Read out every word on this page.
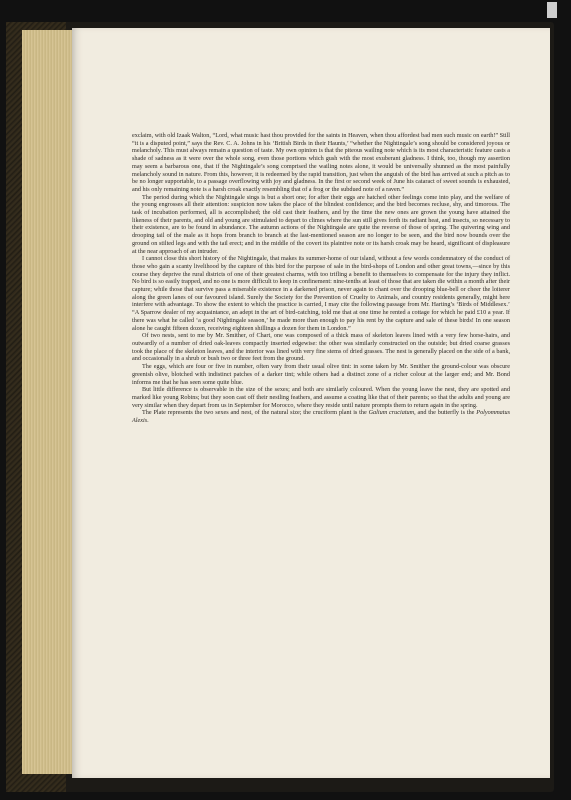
exclaim, with old Izaak Walton, “Lord, what music hast thou provided for the saints in Heaven, when thou affordest bad men such music on earth!” Still “it is a disputed point,” says the Rev. C. A. Johns in his ‘British Birds in their Haunts,’ “whether the Nightingale’s song should be considered joyous or melancholy. This must always remain a question of taste. My own opinion is that the piteous wailing note which is its most characteristic feature casts a shade of sadness as it were over the whole song, even those portions which gush with the most exuberant gladness. I think, too, though my assertion may seem a barbarous one, that if the Nightingale’s song comprised the wailing notes alone, it would be universally shunned as the most painfully melancholy sound in nature. From this, however, it is redeemed by the rapid transition, just when the anguish of the bird has arrived at such a pitch as to be no longer supportable, to a passage overflowing with joy and gladness. In the first or second week of June his cataract of sweet sounds is exhausted, and his only remaining note is a harsh croak exactly resembling that of a frog or the subdued note of a raven.”

The period during which the Nightingale sings is but a short one; for after their eggs are hatched other feelings come into play, and the welfare of the young engrosses all their attention: suspicion now takes the place of the blindest confidence; and the bird becomes recluse, shy, and timorous. The task of incubation performed, all is accomplished; the old cast their feathers, and by the time the new ones are grown the young have attained the likeness of their parents, and old and young are stimulated to depart to climes where the sun still gives forth its radiant heat, and insects, so necessary to their existence, are to be found in abundance. The autumn actions of the Nightingale are quite the reverse of those of spring. The quivering wing and drooping tail of the male as it hops from branch to branch at the last-mentioned season are no longer to be seen, and the bird now bounds over the ground on stilted legs and with the tail erect; and in the middle of the covert its plaintive note or its harsh croak may be heard, significant of displeasure at the near approach of an intruder.

I cannot close this short history of the Nightingale, that makes its summer-home of our island, without a few words condemnatory of the conduct of those who gain a scanty livelihood by the capture of this bird for the purpose of sale in the bird-shops of London and other great towns,—since by this course they deprive the rural districts of one of their greatest charms, with too trifling a benefit to themselves to compensate for the injury they inflict. No bird is so easily trapped, and no one is more difficult to keep in confinement: nine-tenths at least of those that are taken die within a month after their capture; while those that survive pass a miserable existence in a darkened prison, never again to chant over the drooping blue-bell or cheer the loiterer along the green lanes of our favoured island. Surely the Society for the Prevention of Cruelty to Animals, and country residents generally, might here interfere with advantage. To show the extent to which the practice is carried, I may cite the following passage from Mr. Harting’s ‘Birds of Middlesex.’ “A Sparrow dealer of my acquaintance, an adept in the art of bird-catching, told me that at one time he rented a cottage for which he paid £10 a year. If there was what he called ‘a good Nightingale season,’ he made more than enough to pay his rent by the capture and sale of these birds! In one season alone he caught fifteen dozen, receiving eighteen shillings a dozen for them in London.”

Of two nests, sent to me by Mr. Smither, of Chart, one was composed of a thick mass of skeleton leaves lined with a very few horse-hairs, and outwardly of a number of dried oak-leaves compactly inserted edgewise: the other was similarly constructed on the outside; but dried coarse grasses took the place of the skeleton leaves, and the interior was lined with very fine stems of dried grasses. The nest is generally placed on the side of a bank, and occasionally in a shrub or bush two or three feet from the ground.

The eggs, which are four or five in number, often vary from their usual olive tint: in some taken by Mr. Smither the ground-colour was obscure greenish olive, blotched with indistinct patches of a darker tint; while others had a distinct zone of a richer colour at the larger end; and Mr. Bond informs me that he has seen some quite blue.

But little difference is observable in the size of the sexes; and both are similarly coloured. When the young leave the nest, they are spotted and marked like young Robins; but they soon cast off their nestling feathers, and assume a coating like that of their parents; so that the adults and young are very similar when they depart from us in September for Morocco, where they reside until nature prompts them to return again in the spring.

The Plate represents the two sexes and nest, of the natural size; the cruciform plant is the Galium cruciatum, and the butterfly is the Polyommatus Alexis.
